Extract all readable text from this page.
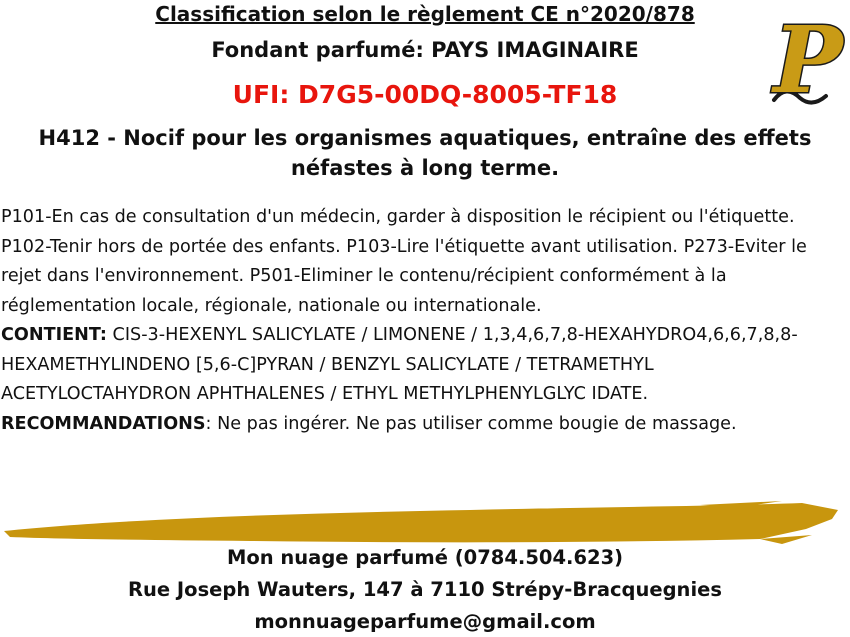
Classification selon le règlement CE n°2020/878
Fondant parfumé: PAYS IMAGINAIRE
UFI: D7G5-00DQ-8005-TF18
H412 - Nocif pour les organismes aquatiques, entraîne des effets néfastes à long terme.
P

P101-En cas de consultation d'un médecin, garder à disposition le récipient ou l'étiquette. P102-Tenir hors de portée des enfants. P103-Lire l'étiquette avant utilisation. P273-Eviter le rejet dans l'environnement. P501-Eliminer le contenu/récipient conformément à la réglementation locale, régionale, nationale ou internationale.

CONTIENT: CIS-3-HEXENYL SALICYLATE / LIMONENE / 1,3,4,6,7,8-HEXAHYDRO4,6,6,7,8,8- HEXAMETHYLINDENO [5,6-C]PYRAN / BENZYL SALICYLATE / TETRAMETHYL ACETYLOCTAHYDRON APHTHALENES / ETHYL METHYLPHENYLGLYC IDATE.

RECOMMANDATIONS: Ne pas ingérer. Ne pas utiliser comme bougie de massage.

Mon nuage parfumé (0784.504.623)
Rue Joseph Wauters, 147 à 7110 Strépy-Bracquegnies
monnuageparfume@gmail.com
